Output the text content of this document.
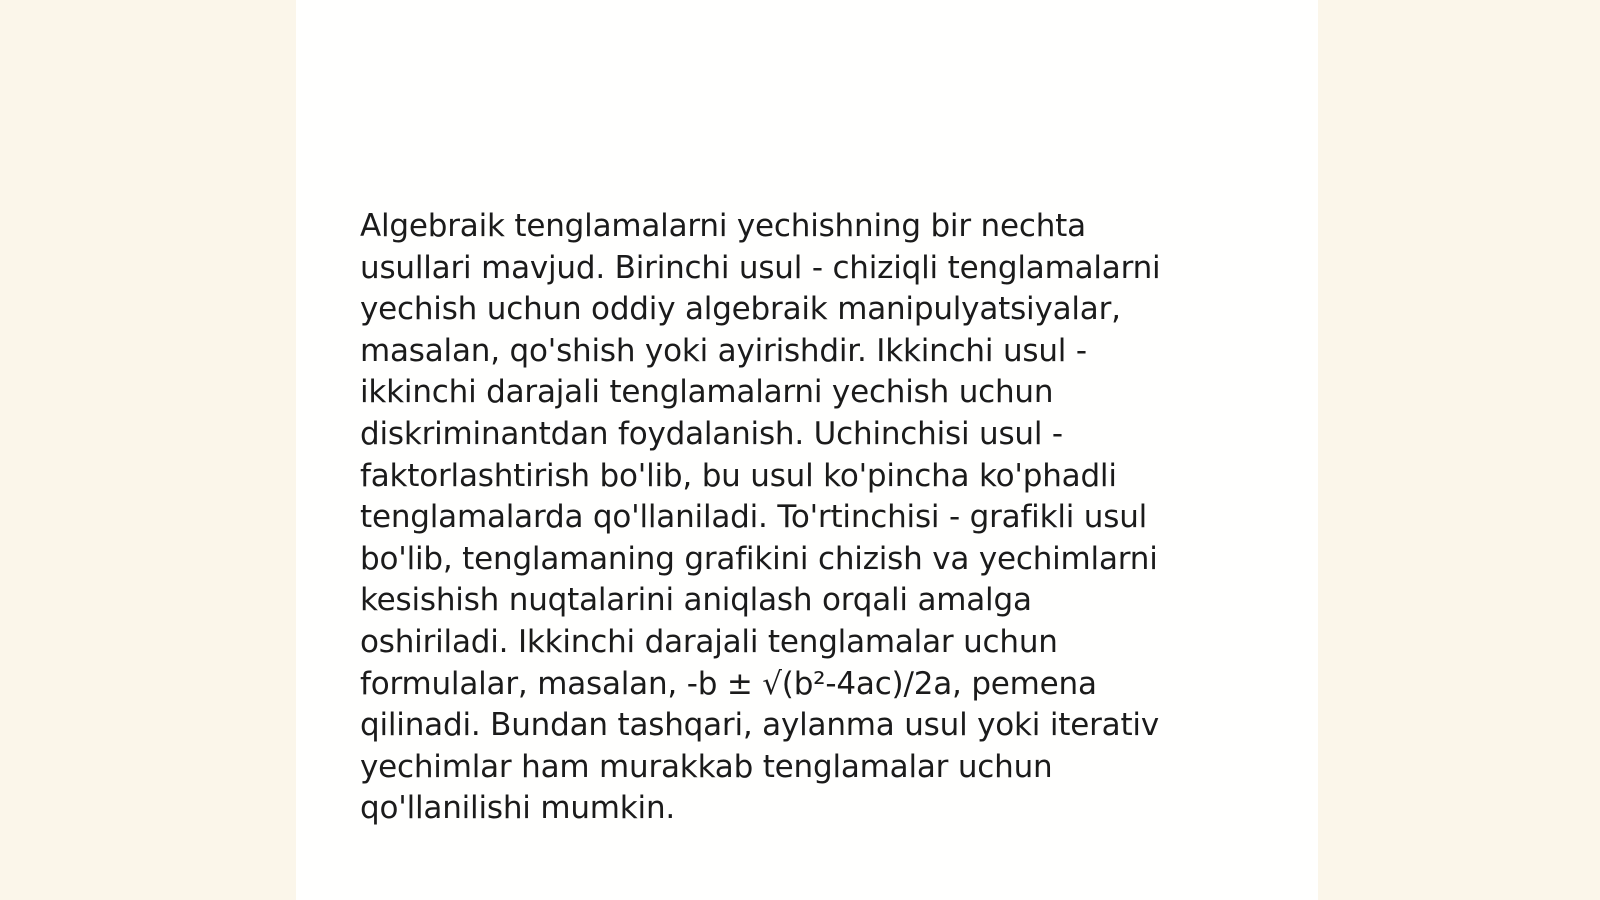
Algebraik tenglamalarni yechishning bir nechta
usullari mavjud. Birinchi usul - chiziqli tenglamalarni
yechish uchun oddiy algebraik manipulyatsiyalar,
masalan, qo'shish yoki ayirishdir. Ikkinchi usul -
ikkinchi darajali tenglamalarni yechish uchun
diskriminantdan foydalanish. Uchinchisi usul -
faktorlashtirish bo'lib, bu usul ko'pincha ko'phadli
tenglamalarda qo'llaniladi. To'rtinchisi - grafikli usul
bo'lib, tenglamaning grafikini chizish va yechimlarni
kesishish nuqtalarini aniqlash orqali amalga
oshiriladi. Ikkinchi darajali tenglamalar uchun
formulalar, masalan, -b ± √(b²-4ac)/2a, pemena
qilinadi. Bundan tashqari, aylanma usul yoki iterativ
yechimlar ham murakkab tenglamalar uchun
qo'llanilishi mumkin.
